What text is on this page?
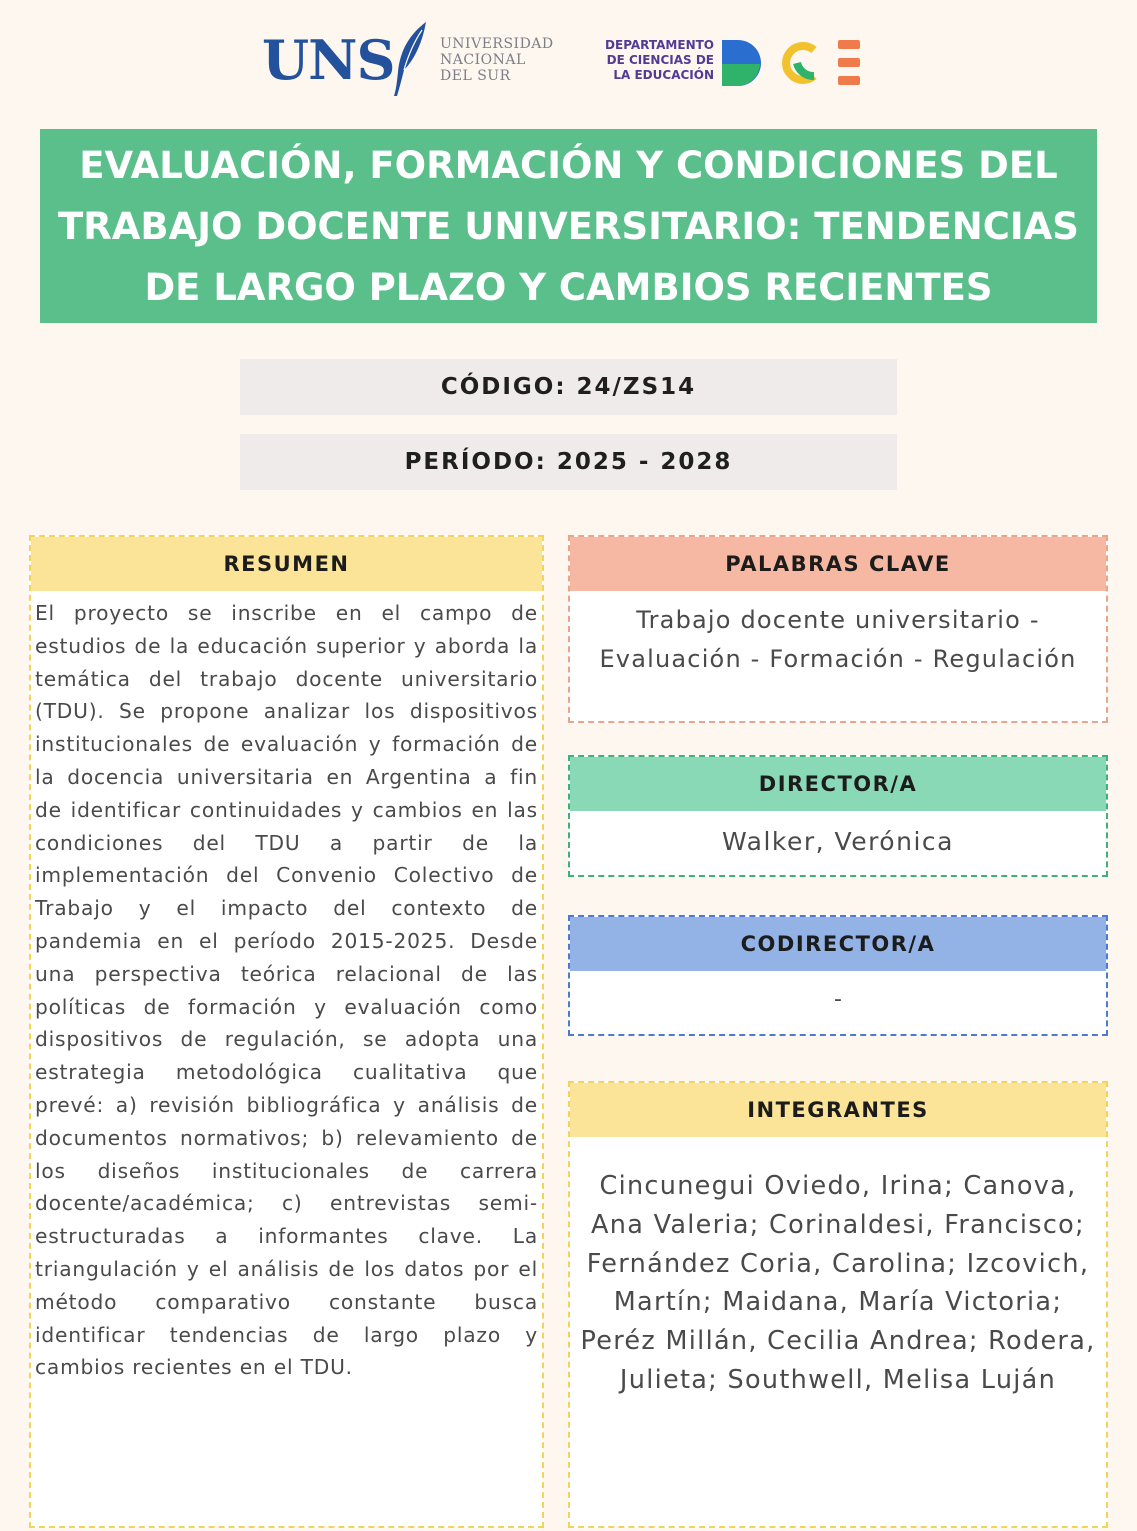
UNS	UNIVERSIDAD
NACIONAL
DEL SUR
DEPARTAMENTO
DE CIENCIAS DE
LA EDUCACIÓN
EVALUACIÓN, FORMACIÓN Y CONDICIONES DEL TRABAJO DOCENTE UNIVERSITARIO: TENDENCIAS DE LARGO PLAZO Y CAMBIOS RECIENTES
CÓDIGO: 24/ZS14
PERÍODO: 2025 - 2028
RESUMEN
El proyecto se inscribe en el campo de estudios de la educación superior y aborda la temática del trabajo docente universitario (TDU). Se propone analizar los dispositivos institucionales de evaluación y formación de la docencia universitaria en Argentina a fin de identificar continuidades y cambios en las condiciones del TDU a partir de la implementación del Convenio Colectivo de Trabajo y el impacto del contexto de pandemia en el período 2015-2025. Desde una perspectiva teórica relacional de las políticas de formación y evaluación como dispositivos de regulación, se adopta una estrategia metodológica cualitativa que prevé: a) revisión bibliográfica y análisis de documentos normativos; b) relevamiento de los diseños institucionales de carrera docente/académica; c) entrevistas semi-estructuradas a informantes clave. La triangulación y el análisis de los datos por el método comparativo constante busca identificar tendencias de largo plazo y cambios recientes en el TDU.
PALABRAS CLAVE
Trabajo docente universitario - Evaluación - Formación - Regulación
DIRECTOR/A
Walker, Verónica
CODIRECTOR/A
-
INTEGRANTES
Cincunegui Oviedo, Irina; Canova, Ana Valeria; Corinaldesi, Francisco; Fernández Coria, Carolina; Izcovich, Martín; Maidana, María Victoria; Peréz Millán, Cecilia Andrea; Rodera, Julieta; Southwell, Melisa Luján
